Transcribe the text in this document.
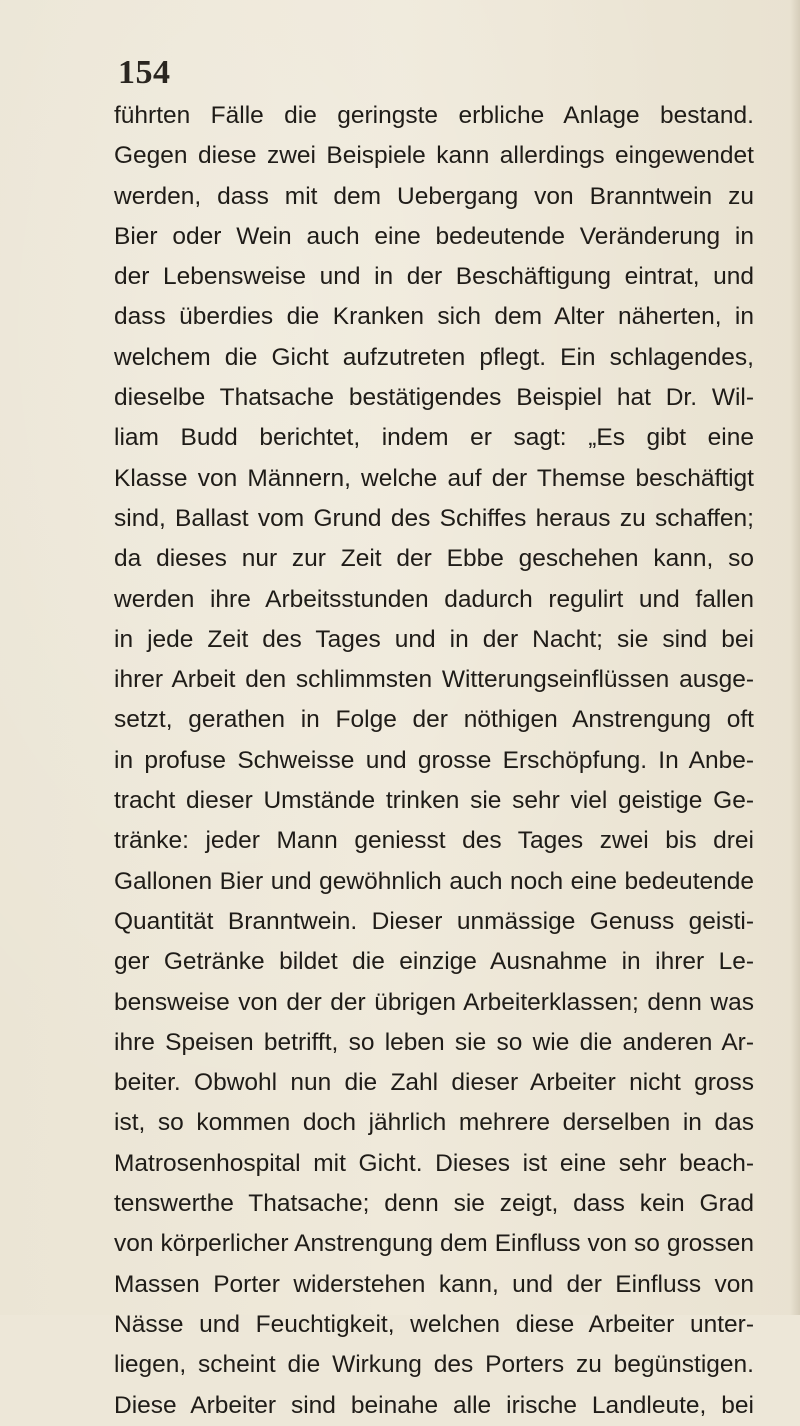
154
führten Fälle die geringste erbliche Anlage bestand.
Gegen diese zwei Beispiele kann allerdings eingewendet
werden, dass mit dem Uebergang von Branntwein zu
Bier oder Wein auch eine bedeutende Veränderung in
der Lebensweise und in der Beschäftigung eintrat, und
dass überdies die Kranken sich dem Alter näherten, in
welchem die Gicht aufzutreten pflegt. Ein schlagendes,
dieselbe Thatsache bestätigendes Beispiel hat Dr. Wil-
liam Budd berichtet, indem er sagt: „Es gibt eine
Klasse von Männern, welche auf der Themse beschäftigt
sind, Ballast vom Grund des Schiffes heraus zu schaffen;
da dieses nur zur Zeit der Ebbe geschehen kann, so
werden ihre Arbeitsstunden dadurch regulirt und fallen
in jede Zeit des Tages und in der Nacht; sie sind bei
ihrer Arbeit den schlimmsten Witterungseinflüssen ausge-
setzt, gerathen in Folge der nöthigen Anstrengung oft
in profuse Schweisse und grosse Erschöpfung. In Anbe-
tracht dieser Umstände trinken sie sehr viel geistige Ge-
tränke: jeder Mann geniesst des Tages zwei bis drei
Gallonen Bier und gewöhnlich auch noch eine bedeutende
Quantität Branntwein. Dieser unmässige Genuss geisti-
ger Getränke bildet die einzige Ausnahme in ihrer Le-
bensweise von der der übrigen Arbeiterklassen; denn was
ihre Speisen betrifft, so leben sie so wie die anderen Ar-
beiter. Obwohl nun die Zahl dieser Arbeiter nicht gross
ist, so kommen doch jährlich mehrere derselben in das
Matrosenhospital mit Gicht. Dieses ist eine sehr beach-
tenswerthe Thatsache; denn sie zeigt, dass kein Grad
von körperlicher Anstrengung dem Einfluss von so grossen
Massen Porter widerstehen kann, und der Einfluss von
Nässe und Feuchtigkeit, welchen diese Arbeiter unter-
liegen, scheint die Wirkung des Porters zu begünstigen.
Diese Arbeiter sind beinahe alle irische Landleute, bei
